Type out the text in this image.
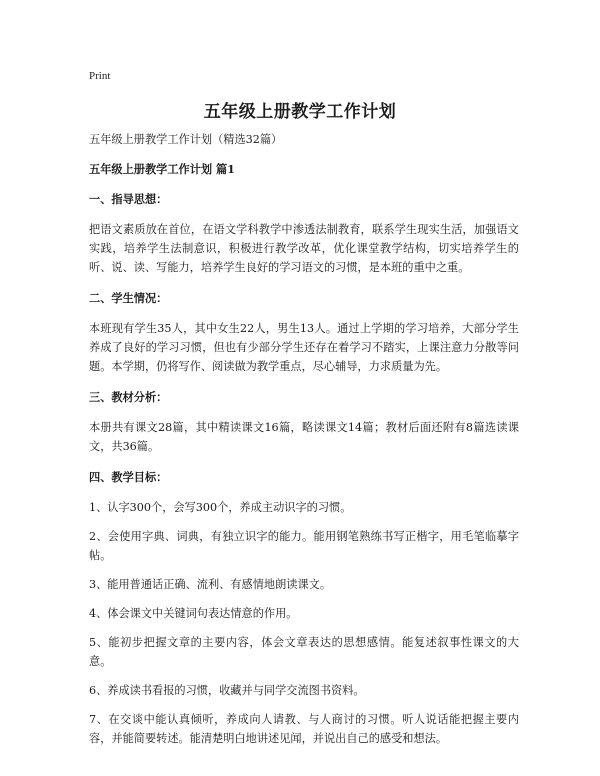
Print
五年级上册教学工作计划

五年级上册教学工作计划（精选32篇）

五年级上册教学工作计划 篇1

一、指导思想：

把语文素质放在首位，在语文学科教学中渗透法制教育，联系学生现实生活，加强语文实践，培养学生法制意识，积极进行教学改革，优化课堂教学结构，切实培养学生的听、说、读、写能力，培养学生良好的学习语文的习惯，是本班的重中之重。

二、学生情况：

本班现有学生35人，其中女生22人，男生13人。通过上学期的学习培养，大部分学生养成了良好的学习习惯，但也有少部分学生还存在着学习不踏实，上课注意力分散等问题。本学期，仍将写作、阅读做为教学重点，尽心辅导，力求质量为先。

三、教材分析：

本册共有课文28篇，其中精读课文16篇，略读课文14篇；教材后面还附有8篇选读课文，共36篇。

四、教学目标：

1、认字300个，会写300个，养成主动识字的习惯。

2、会使用字典、词典，有独立识字的能力。能用钢笔熟练书写正楷字，用毛笔临摹字帖。

3、能用普通话正确、流利、有感情地朗读课文。

4、体会课文中关键词句表达情意的作用。

5、能初步把握文章的主要内容，体会文章表达的思想感情。能复述叙事性课文的大意。

6、养成读书看报的习惯，收藏并与同学交流图书资料。

7、在交谈中能认真倾听，养成向人请教、与人商讨的习惯。听人说话能把握主要内容，并能简要转述。能清楚明白地讲述见闻，并说出自己的感受和想法。
